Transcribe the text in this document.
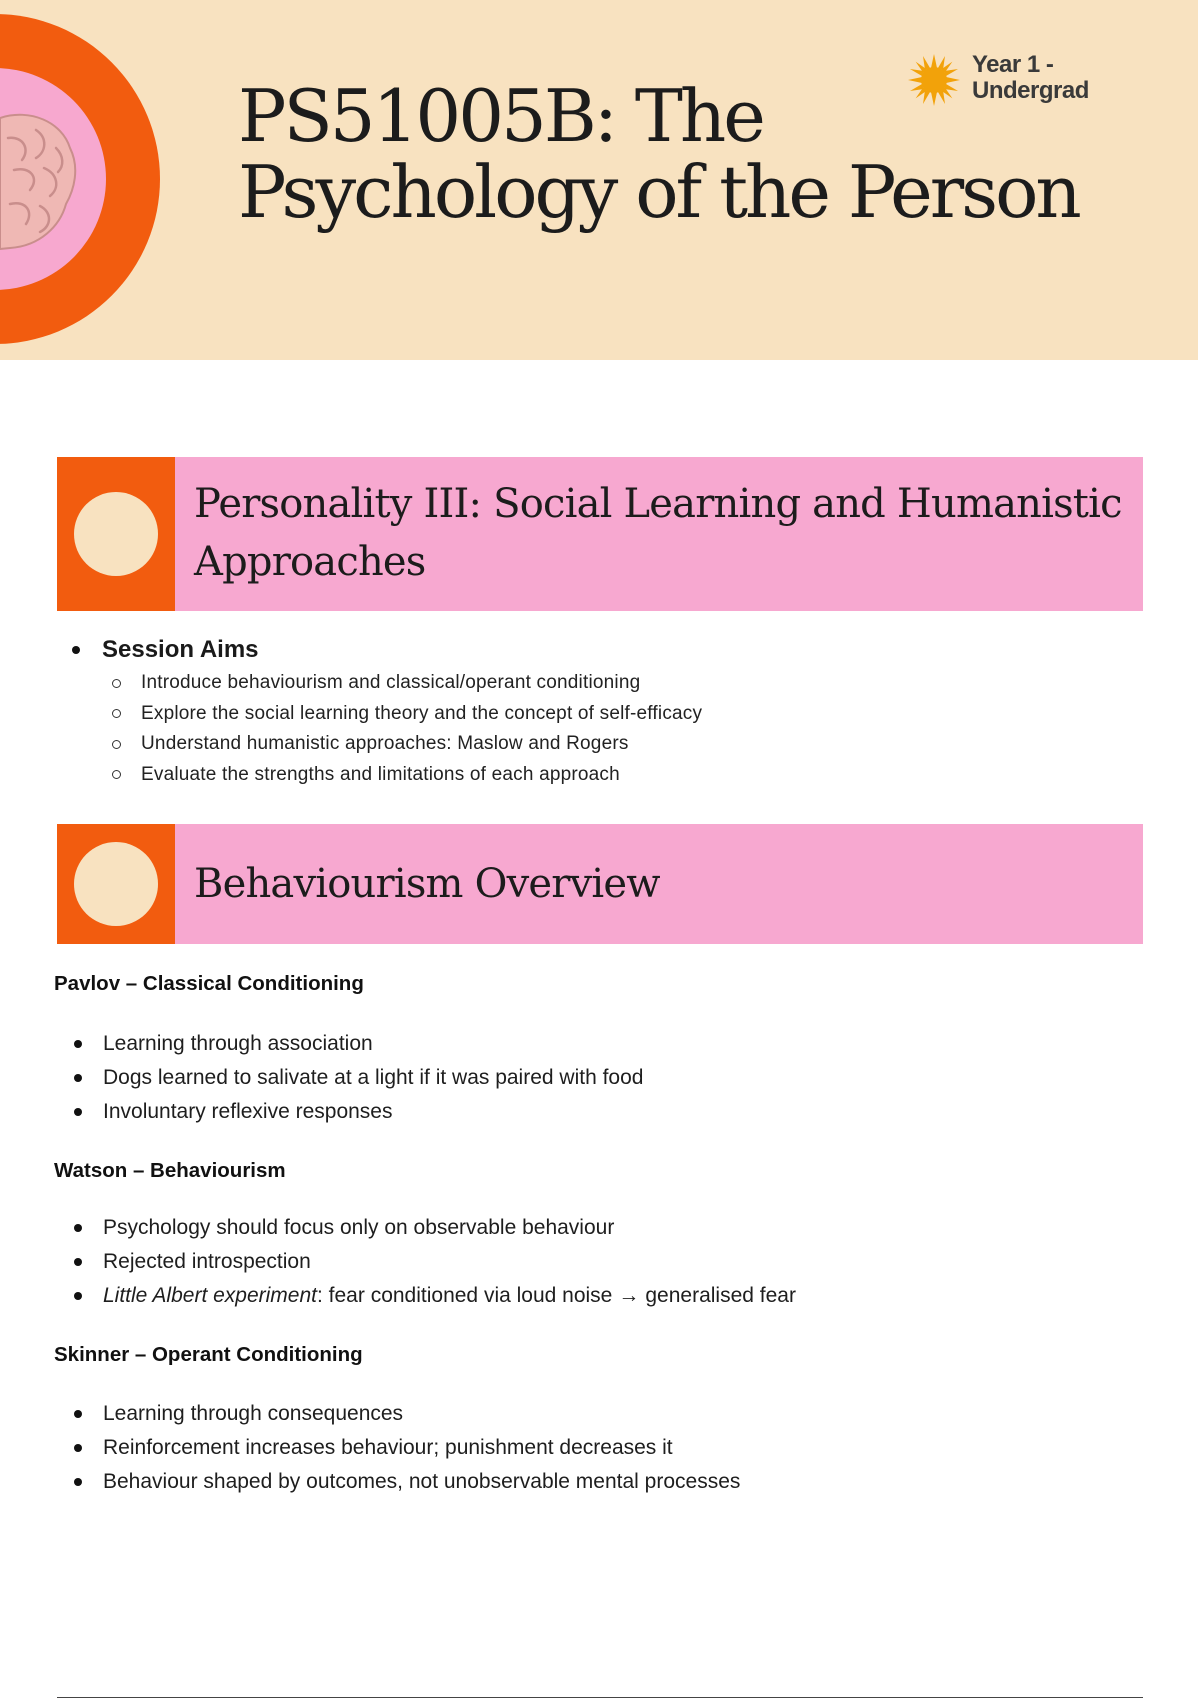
PS51005B: The
Psychology of the Person
Year 1 -
Undergrad
Personality III: Social Learning and Humanistic Approaches
Session Aims
Introduce behaviourism and classical/operant conditioning
Explore the social learning theory and the concept of self-efficacy
Understand humanistic approaches: Maslow and Rogers
Evaluate the strengths and limitations of each approach
Behaviourism Overview
Pavlov – Classical Conditioning
Learning through association
Dogs learned to salivate at a light if it was paired with food
Involuntary reflexive responses
Watson – Behaviourism
Psychology should focus only on observable behaviour
Rejected introspection
Little Albert experiment: fear conditioned via loud noise → generalised fear
Skinner – Operant Conditioning
Learning through consequences
Reinforcement increases behaviour; punishment decreases it
Behaviour shaped by outcomes, not unobservable mental processes
